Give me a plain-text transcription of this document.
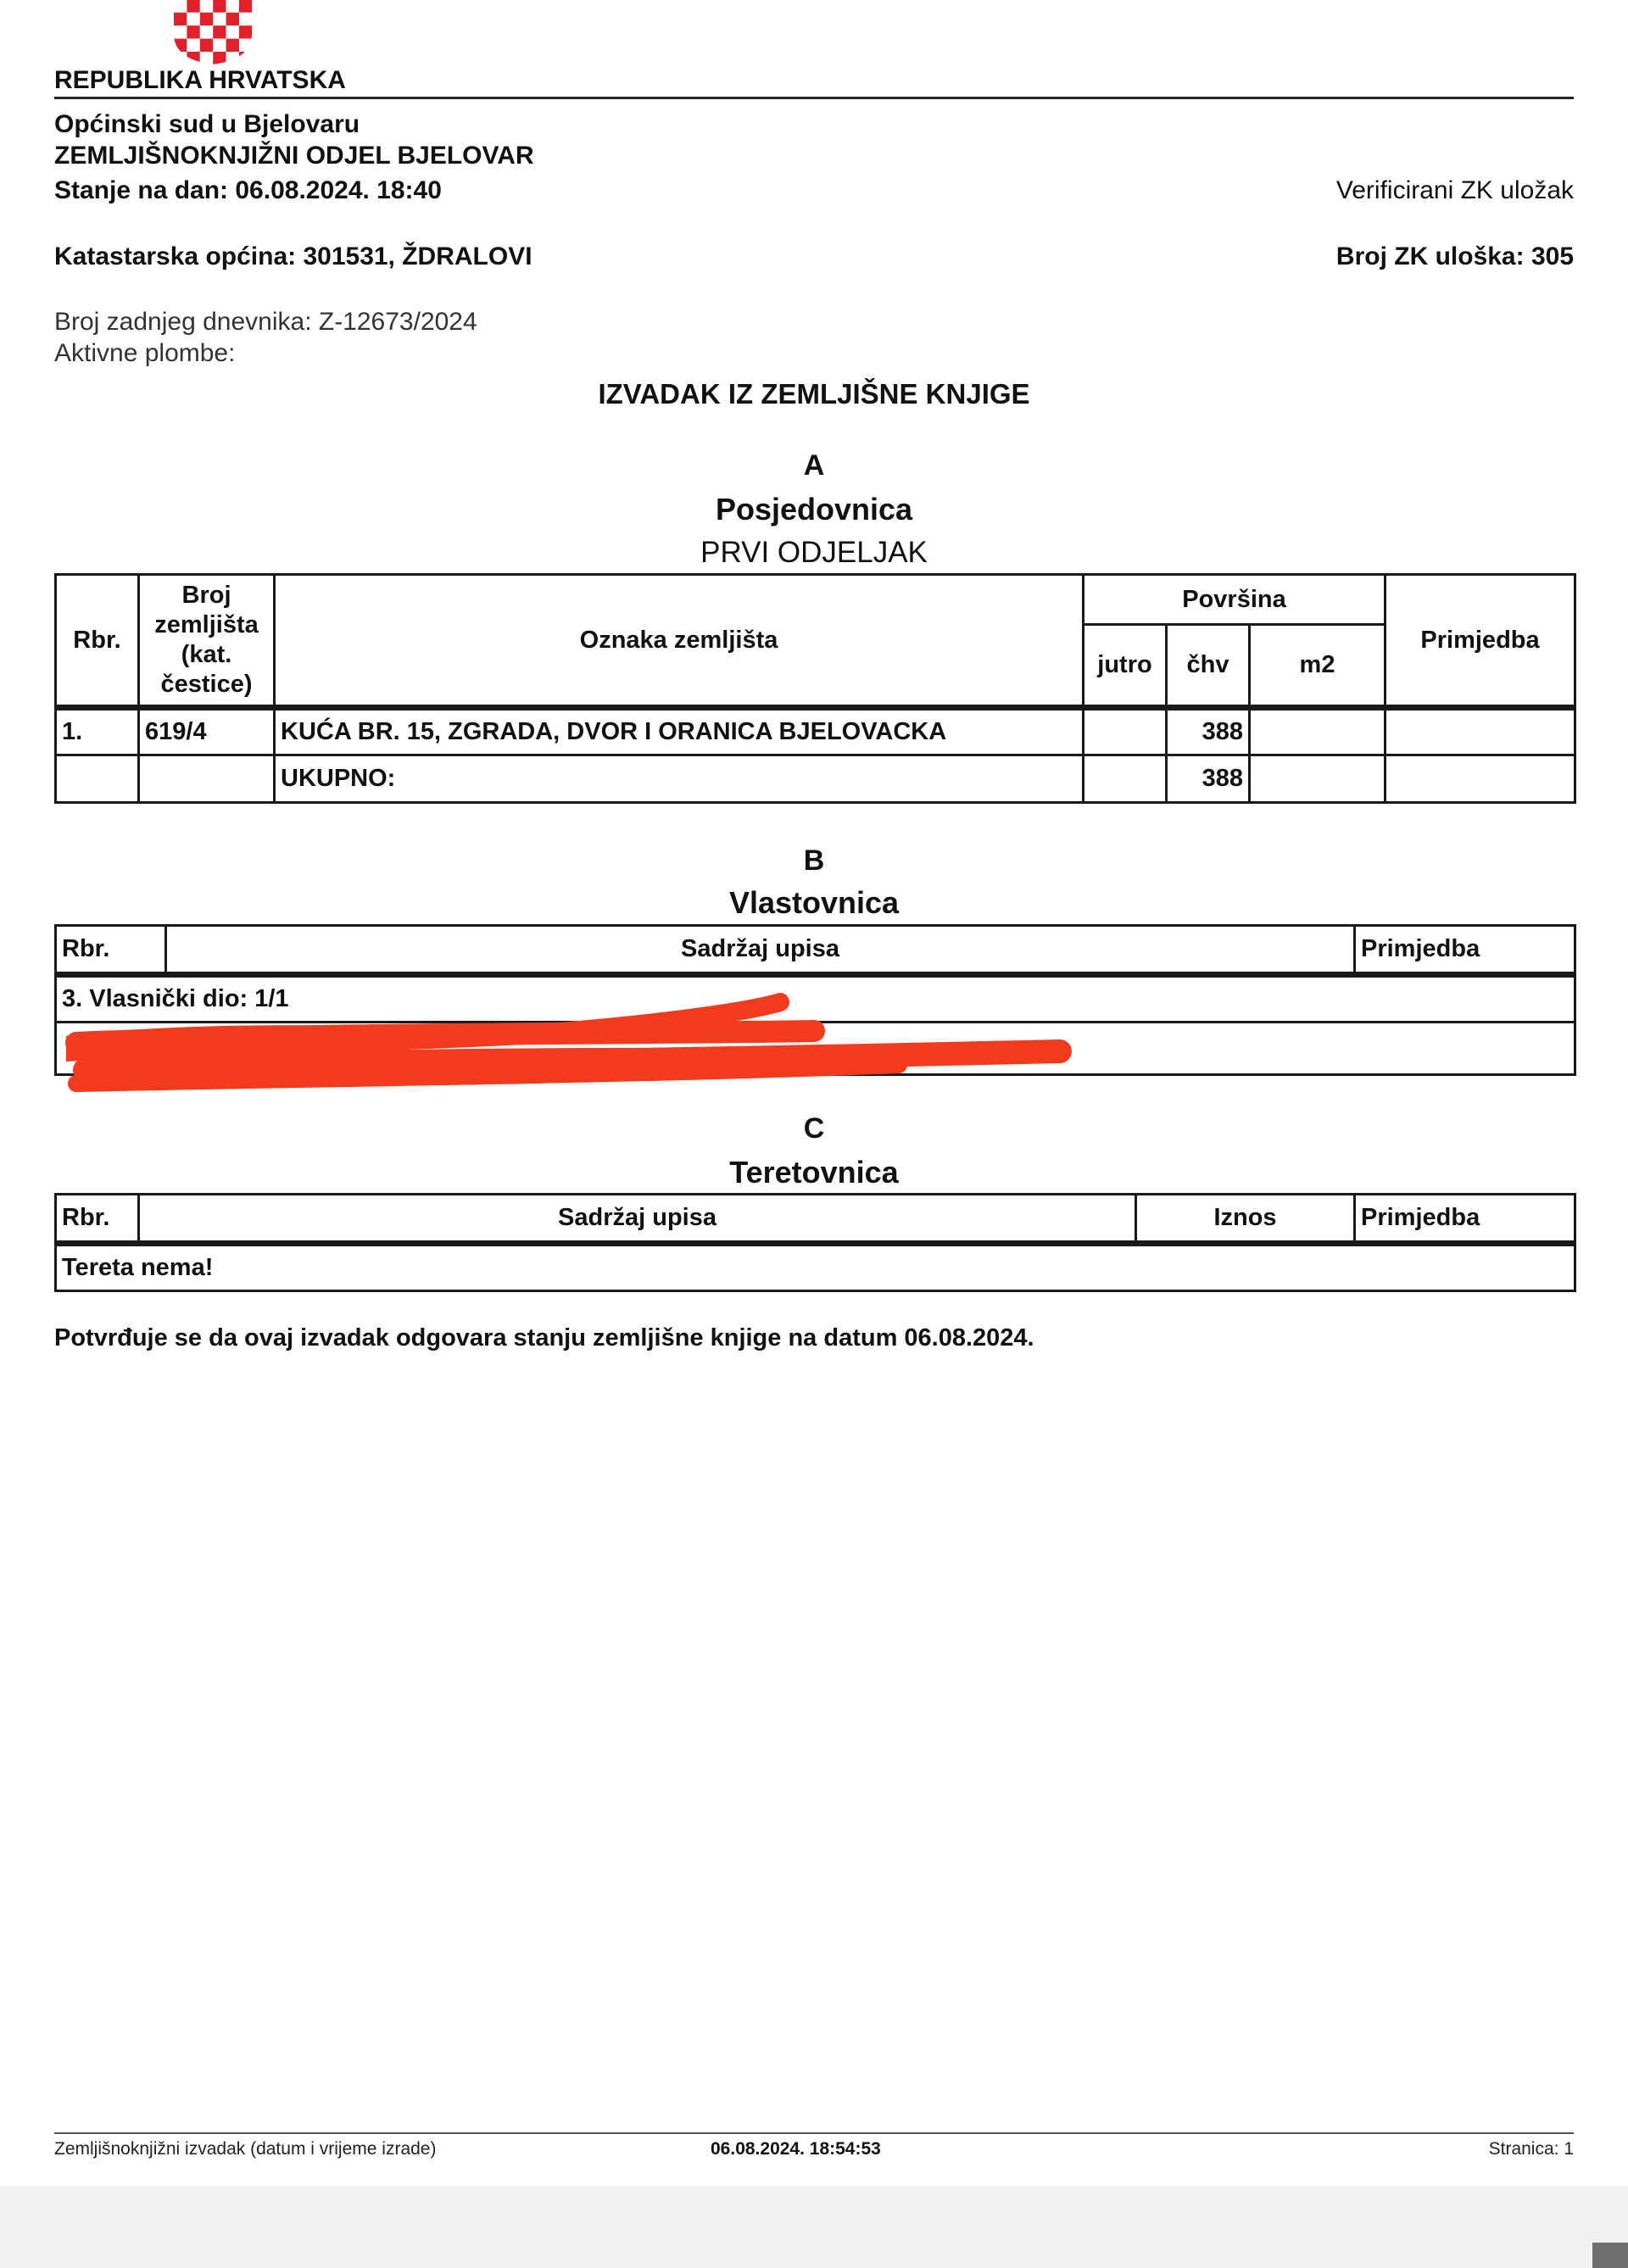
REPUBLIKA HRVATSKA
Općinski sud u Bjelovaru
ZEMLJIŠNOKNJIŽNI ODJEL BJELOVAR
Stanje na dan: 06.08.2024. 18:40	Verificirani ZK uložak
Katastarska općina: 301531, ŽDRALOVI	Broj ZK uloška: 305
Broj zadnjeg dnevnika: Z-12673/2024
Aktivne plombe:
IZVADAK IZ ZEMLJIŠNE KNJIGE
A
Posjedovnica
PRVI ODJELJAK
Rbr.	Broj
zemljišta
(kat.
čestice)	Oznaka zemljišta	Površina			Primjedba
			jutro	čhv	m2	
1.	619/4	KUĆA BR. 15, ZGRADA, DVOR I ORANICA BJELOVACKA		388		
		UKUPNO:		388		
B
Vlastovnica
Rbr.	Sadržaj upisa	Primjedba
3. Vlasnički dio: 1/1

C
Teretovnica
Rbr.	Sadržaj upisa	Iznos	Primjedba
Tereta nema!
Potvrđuje se da ovaj izvadak odgovara stanju zemljišne knjige na datum 06.08.2024.
Zemljišnoknjižni izvadak (datum i vrijeme izrade)	06.08.2024. 18:54:53	Stranica: 1
